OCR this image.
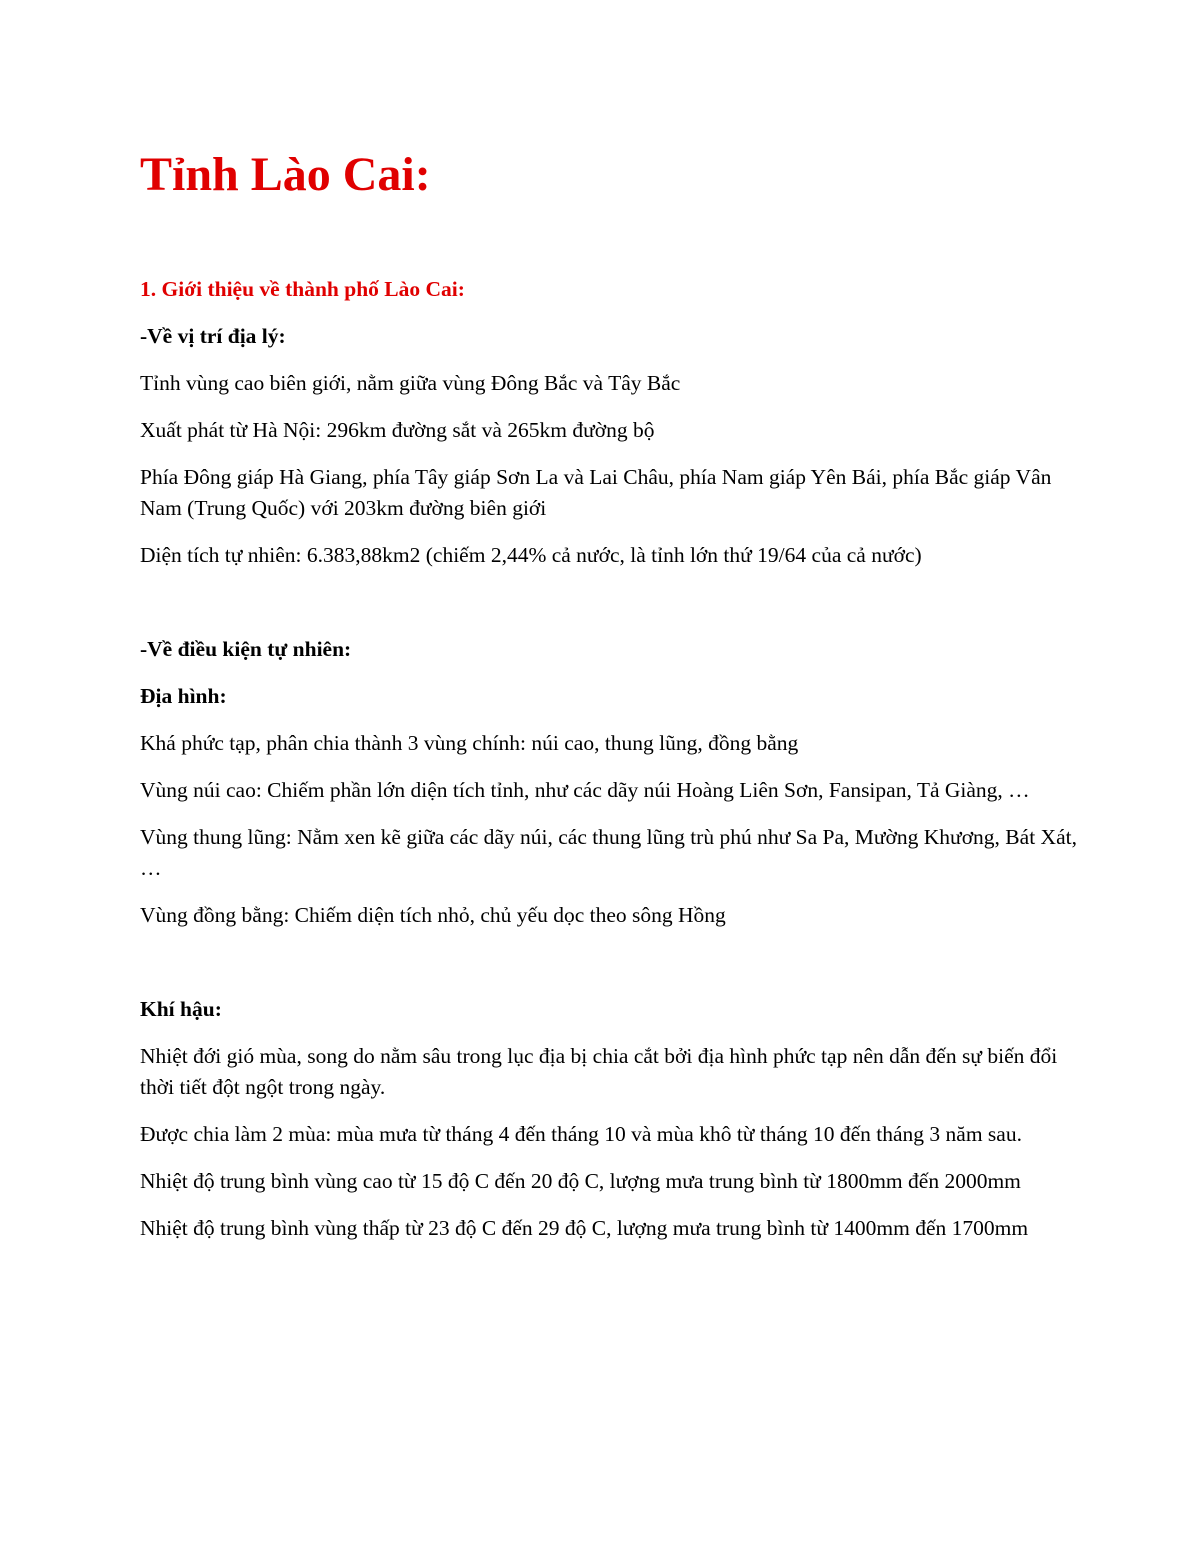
Tỉnh Lào Cai:

1. Giới thiệu về thành phố Lào Cai:

-Về vị trí địa lý:

Tỉnh vùng cao biên giới, nằm giữa vùng Đông Bắc và Tây Bắc

Xuất phát từ Hà Nội: 296km đường sắt và 265km đường bộ

Phía Đông giáp Hà Giang, phía Tây giáp Sơn La và Lai Châu, phía Nam giáp Yên Bái, phía Bắc giáp Vân Nam (Trung Quốc) với 203km đường biên giới

Diện tích tự nhiên: 6.383,88km2 (chiếm 2,44% cả nước, là tỉnh lớn thứ 19/64 của cả nước)

-Về điều kiện tự nhiên:

Địa hình:

Khá phức tạp, phân chia thành 3 vùng chính: núi cao, thung lũng, đồng bằng

Vùng núi cao: Chiếm phần lớn diện tích tỉnh, như các dãy núi Hoàng Liên Sơn, Fansipan, Tả Giàng, …

Vùng thung lũng: Nằm xen kẽ giữa các dãy núi, các thung lũng trù phú như Sa Pa, Mường Khương, Bát Xát, …

Vùng đồng bằng: Chiếm diện tích nhỏ, chủ yếu dọc theo sông Hồng

Khí hậu:

Nhiệt đới gió mùa, song do nằm sâu trong lục địa bị chia cắt bởi địa hình phức tạp nên dẫn đến sự biến đổi thời tiết đột ngột trong ngày.

Được chia làm 2 mùa: mùa mưa từ tháng 4 đến tháng 10 và mùa khô từ tháng 10 đến tháng 3 năm sau.

Nhiệt độ trung bình vùng cao từ 15 độ C đến 20 độ C, lượng mưa trung bình từ 1800mm đến 2000mm

Nhiệt độ trung bình vùng thấp từ 23 độ C đến 29 độ C, lượng mưa trung bình từ 1400mm đến 1700mm
